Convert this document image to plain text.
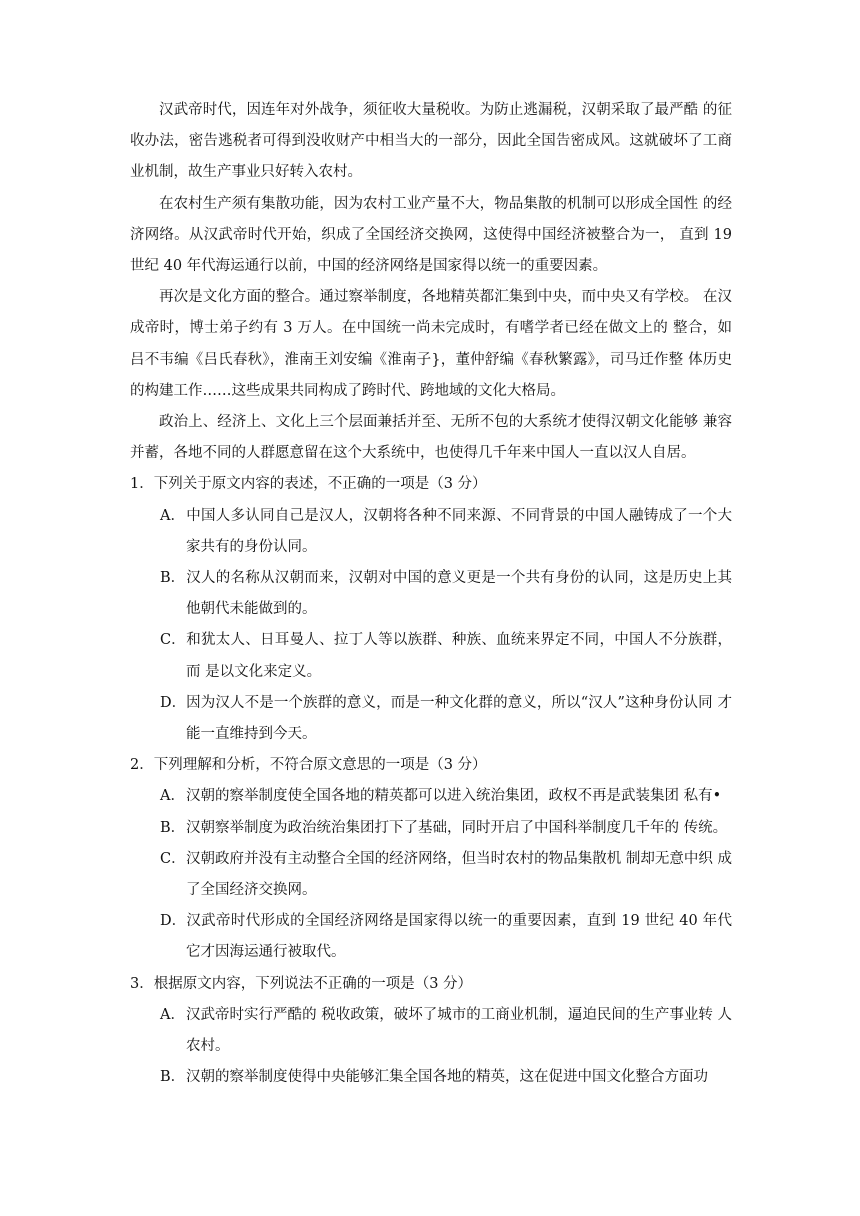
汉武帝时代，因连年对外战争，须征收大量税收。为防止逃漏税，汉朝采取了最严酷 的征收办法，密告逃税者可得到没收财产中相当大的一部分，因此全国告密成风。这就破坏了工商业机制，故生产事业只好转入农村。

在农村生产须有集散功能，因为农村工业产量不大，物品集散的机制可以形成全国性 的经济网络。从汉武帝时代开始，织成了全国经济交换网，这使得中国经济被整合为一， 直到 19 世纪 40 年代海运通行以前，中国的经济网络是国家得以统一的重要因素。

再次是文化方面的整合。通过察举制度，各地精英都汇集到中央，而中央又有学校。 在汉成帝时，博士弟子约有 3 万人。在中国统一尚未完成时，有嗜学者已经在做文上的 整合，如吕不韦编《吕氏春秋》，淮南王刘安编《淮南子}，董仲舒编《春秋繁露》，司马迁作整 体历史的构建工作……这些成果共同构成了跨时代、跨地域的文化大格局。

政治上、经济上、文化上三个层面兼括并至、无所不包的大系统才使得汉朝文化能够 兼容并蓄，各地不同的人群愿意留在这个大系统中，也使得几千年来中国人一直以汉人自居。

1．下列关于原文内容的表述，不正确的一项是（3 分）

A．中国人多认同自己是汉人，汉朝将各种不同来源、不同背景的中国人融铸成了一个大家共有的身份认同。

B．汉人的名称从汉朝而来，汉朝对中国的意义更是一个共有身份的认同，这是历史上其他朝代未能做到的。

C．和犹太人、日耳曼人、拉丁人等以族群、种族、血统来界定不同，中国人不分族群，而 是以文化来定义。

D．因为汉人不是一个族群的意义，而是一种文化群的意义，所以“汉人”这种身份认同 才能一直维持到今天。

2．下列理解和分析，不符合原文意思的一项是（3 分）

A．汉朝的察举制度使全国各地的精英都可以进入统治集团，政权不再是武装集团 私有•

B．汉朝察举制度为政治统治集团打下了基础，同时开启了中国科举制度几千年的 传统。

C．汉朝政府并没有主动整合全国的经济网络，但当时农村的物品集散机 制却无意中织 成了全国经济交换网。

D．汉武帝时代形成的全国经济网络是国家得以统一的重要因素，直到 19 世纪 40 年代它才因海运通行被取代。

3．根据原文内容，下列说法不正确的一项是（3 分）

A．汉武帝时实行严酷的 税收政策，破坏了城市的工商业机制，逼迫民间的生产事业转 人农村。

B．汉朝的察举制度使得中央能够汇集全国各地的精英，这在促进中国文化整合方面功
